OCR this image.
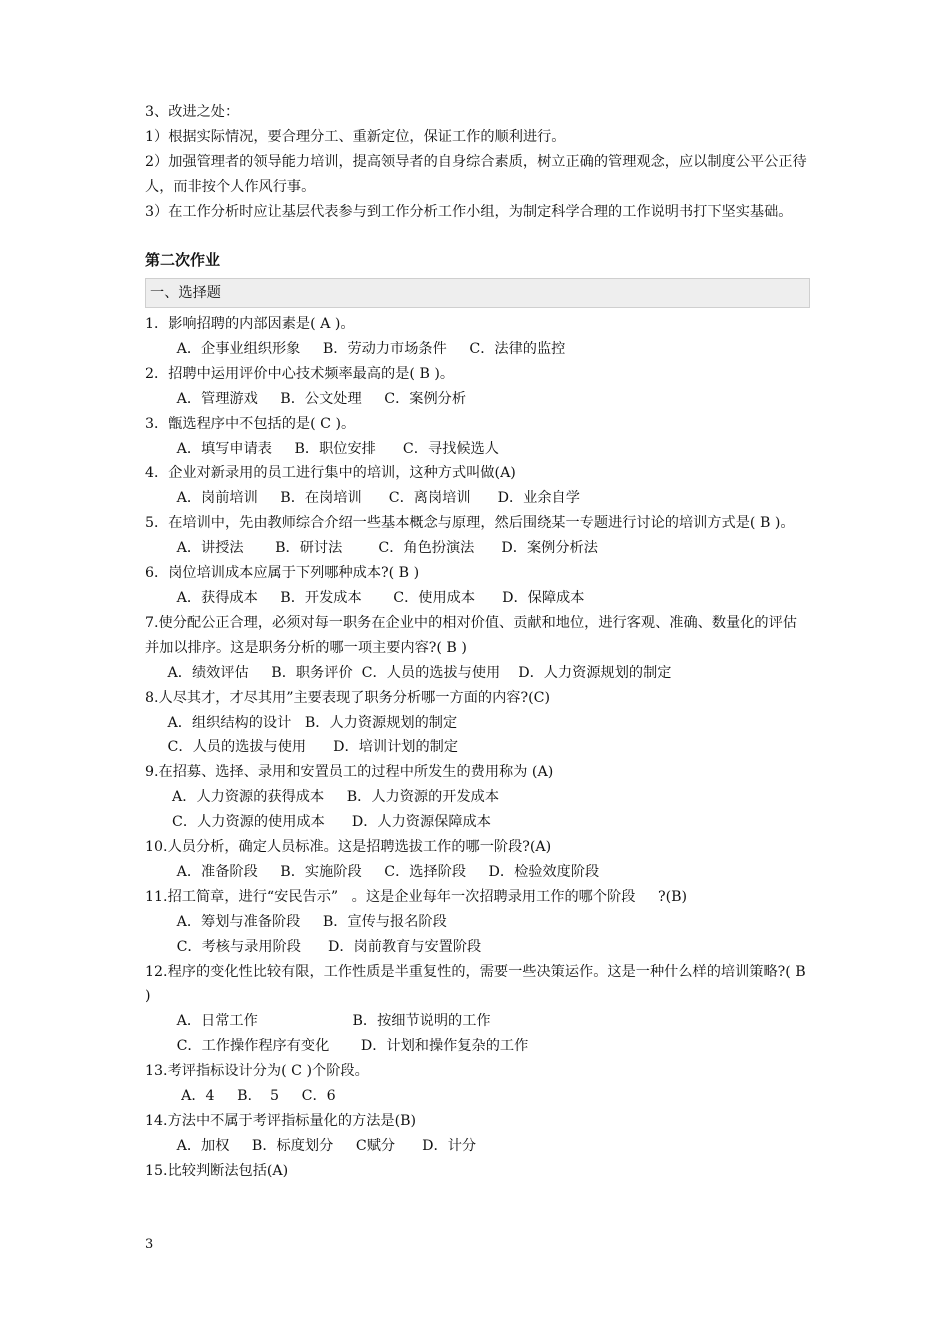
3、改进之处：

1）根据实际情况，要合理分工、重新定位，保证工作的顺利进行。

2）加强管理者的领导能力培训，提高领导者的自身综合素质，树立正确的管理观念，应以制度公平公正待人，而非按个人作风行事。

3）在工作分析时应让基层代表参与到工作分析工作小组，为制定科学合理的工作说明书打下坚实基础。

第二次作业
一、选择题

1．影响招聘的内部因素是( A )。

A．企事业组织形象     B．劳动力市场条件     C．法律的监控

2．招聘中运用评价中心技术频率最高的是( B )。

A．管理游戏     B．公文处理     C．案例分析

3．甑选程序中不包括的是( C )。

A．填写申请表     B．职位安排      C．寻找候选人

4．企业对新录用的员工进行集中的培训，这种方式叫做(A)

A．岗前培训     B．在岗培训      C．离岗培训      D．业余自学

5．在培训中，先由教师综合介绍一些基本概念与原理，然后围绕某一专题进行讨论的培训方式是( B )。

A．讲授法       B．研讨法        C．角色扮演法      D．案例分析法

6．岗位培训成本应属于下列哪种成本?( B )

A．获得成本     B．开发成本       C．使用成本      D．保障成本

7.使分配公正合理，必须对每一职务在企业中的相对价值、贡献和地位，进行客观、准确、数量化的评估并加以排序。这是职务分析的哪一项主要内容?( B )

A．绩效评估     B．职务评价  C．人员的选拔与使用    D．人力资源规划的制定

8.人尽其才，才尽其用”主要表现了职务分析哪一方面的内容?(C)

A．组织结构的设计   B．人力资源规划的制定

C．人员的选拔与使用      D．培训计划的制定

9.在招募、选择、录用和安置员工的过程中所发生的费用称为 (A)

A．人力资源的获得成本     B．人力资源的开发成本

C．人力资源的使用成本      D．人力资源保障成本

10.人员分析，确定人员标准。这是招聘选拔工作的哪一阶段?(A)

A．准备阶段     B．实施阶段     C．选择阶段     D．检验效度阶段

11.招工简章，进行“安民告示”   。这是企业每年一次招聘录用工作的哪个阶段     ?(B)

A．筹划与准备阶段     B．宣传与报名阶段

C．考核与录用阶段      D．岗前教育与安置阶段

12.程序的变化性比较有限，工作性质是半重复性的，需要一些决策运作。这是一种什么样的培训策略?( B )

A．日常工作                     B．按细节说明的工作

C．工作操作程序有变化       D．计划和操作复杂的工作

13.考评指标设计分为( C )个阶段。

A．4     B.    5     C．6

14.方法中不属于考评指标量化的方法是(B)

A．加权     B．标度划分     C赋分      D．计分

15.比较判断法包括(A)

3
